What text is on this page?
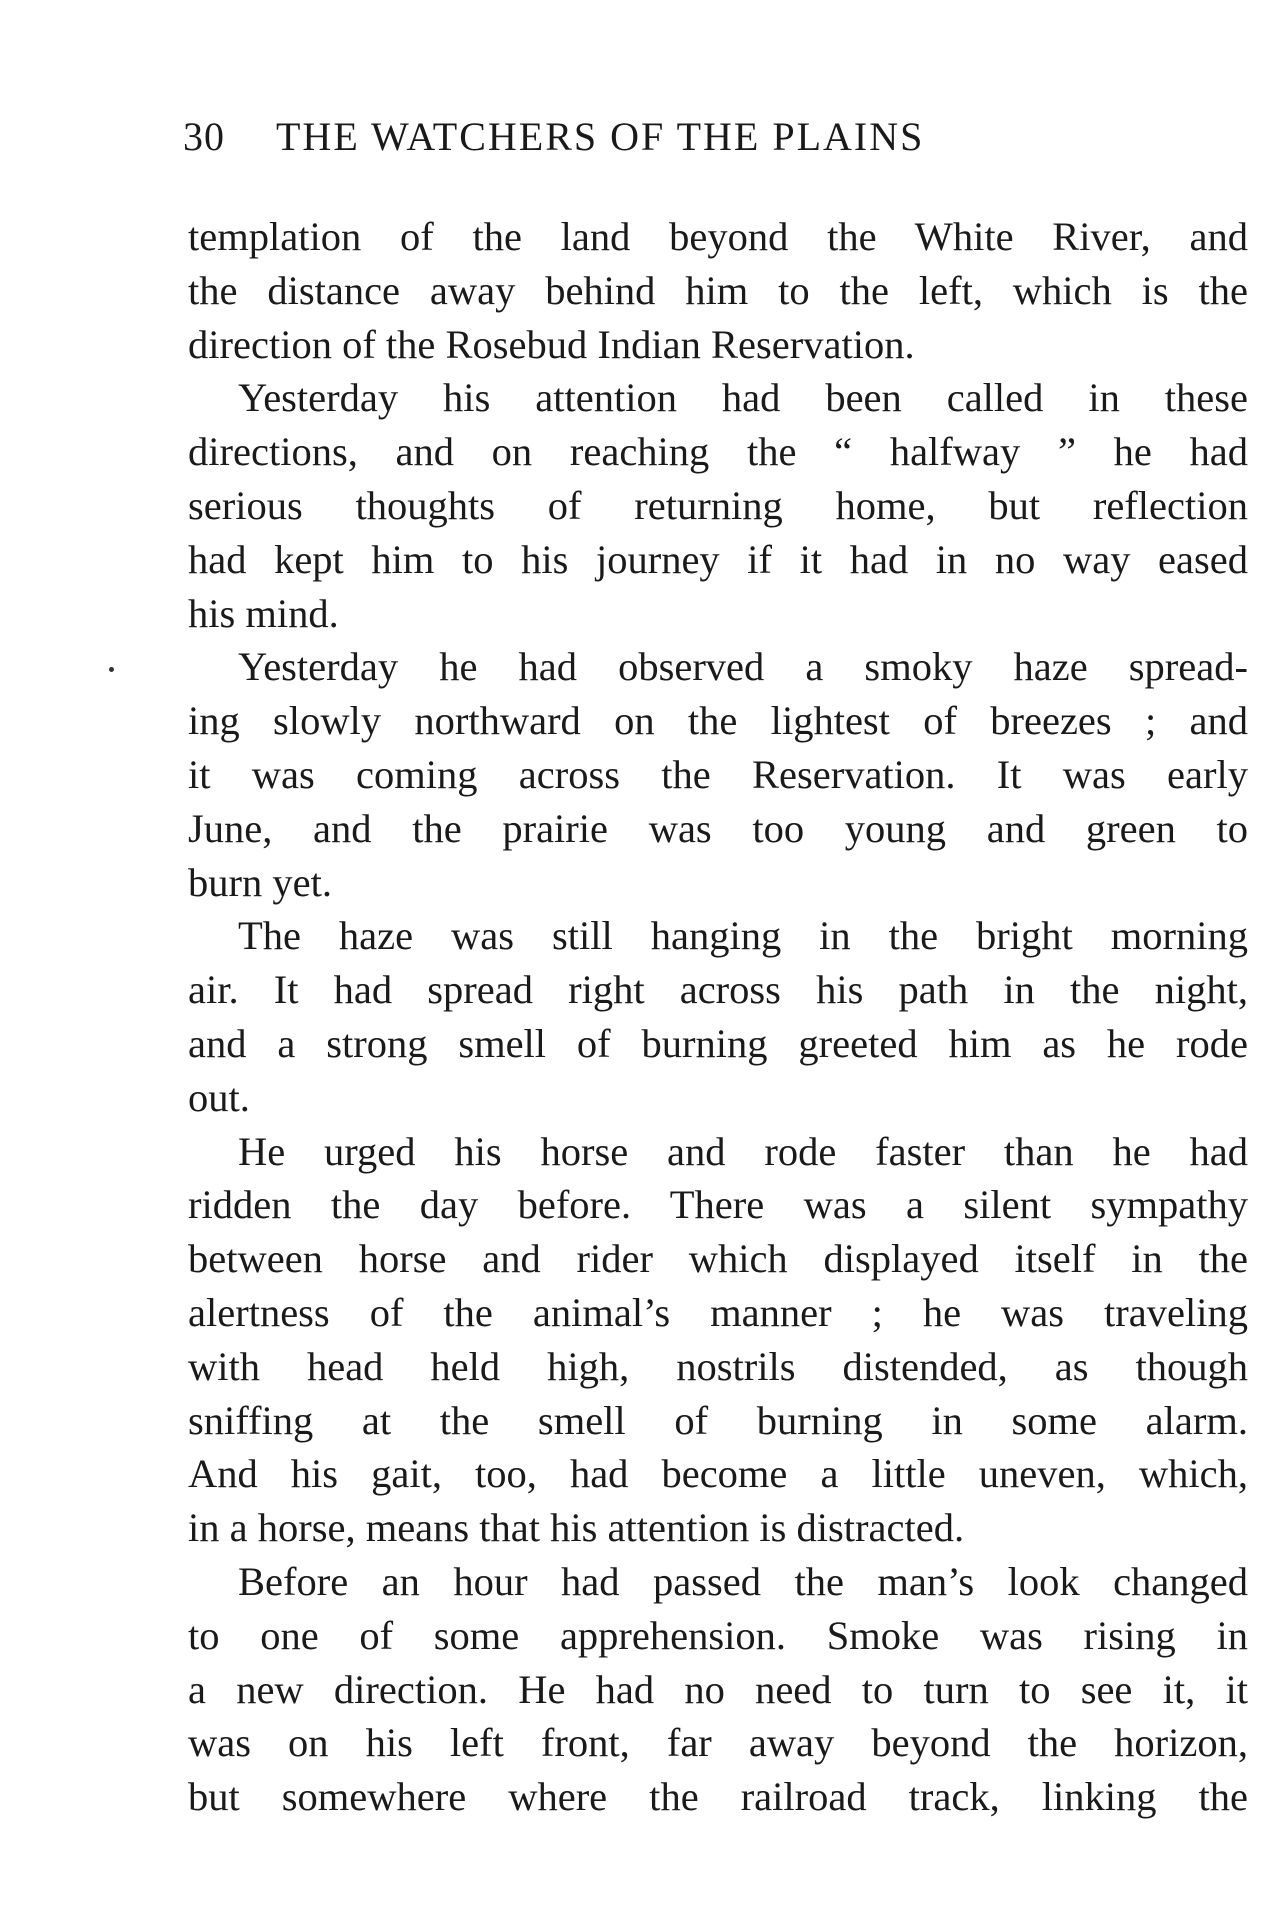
30 THE WATCHERS OF THE PLAINS
templation of the land beyond the White River, and
the distance away behind him to the left, which is the
direction of the Rosebud Indian Reservation.
Yesterday his attention had been called in these
directions, and on reaching the “ halfway ” he had
serious thoughts of returning home, but reflection
had kept him to his journey if it had in no way eased
his mind.
Yesterday he had observed a smoky haze spread-
ing slowly northward on the lightest of breezes ; and
it was coming across the Reservation. It was early
June, and the prairie was too young and green to
burn yet.
The haze was still hanging in the bright morning
air. It had spread right across his path in the night,
and a strong smell of burning greeted him as he rode
out.
He urged his horse and rode faster than he had
ridden the day before. There was a silent sympathy
between horse and rider which displayed itself in the
alertness of the animal’s manner ; he was traveling
with head held high, nostrils distended, as though
sniffing at the smell of burning in some alarm.
And his gait, too, had become a little uneven, which,
in a horse, means that his attention is distracted.
Before an hour had passed the man’s look changed
to one of some apprehension. Smoke was rising in
a new direction. He had no need to turn to see it, it
was on his left front, far away beyond the horizon,
but somewhere where the railroad track, linking the
